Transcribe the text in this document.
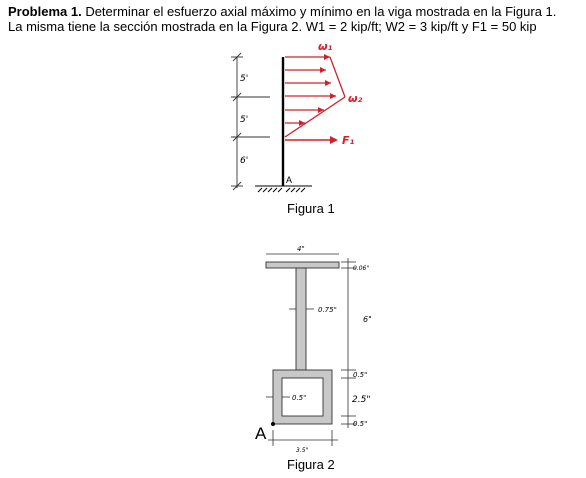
Problema 1. Determinar el esfuerzo axial máximo y mínimo en la viga mostrada en la Figura 1.
La misma tiene la sección mostrada en la Figura 2. W1 = 2 kip/ft; W2 = 3 kip/ft y F1 = 50 kip
5'
5'
6'
A
ω₁
ω₂
F₁
4"
0.06"
6"
0.5"
2.5"
0.5"
0.75"
0.5"
3.5"
A
Figura 1
Figura 2
